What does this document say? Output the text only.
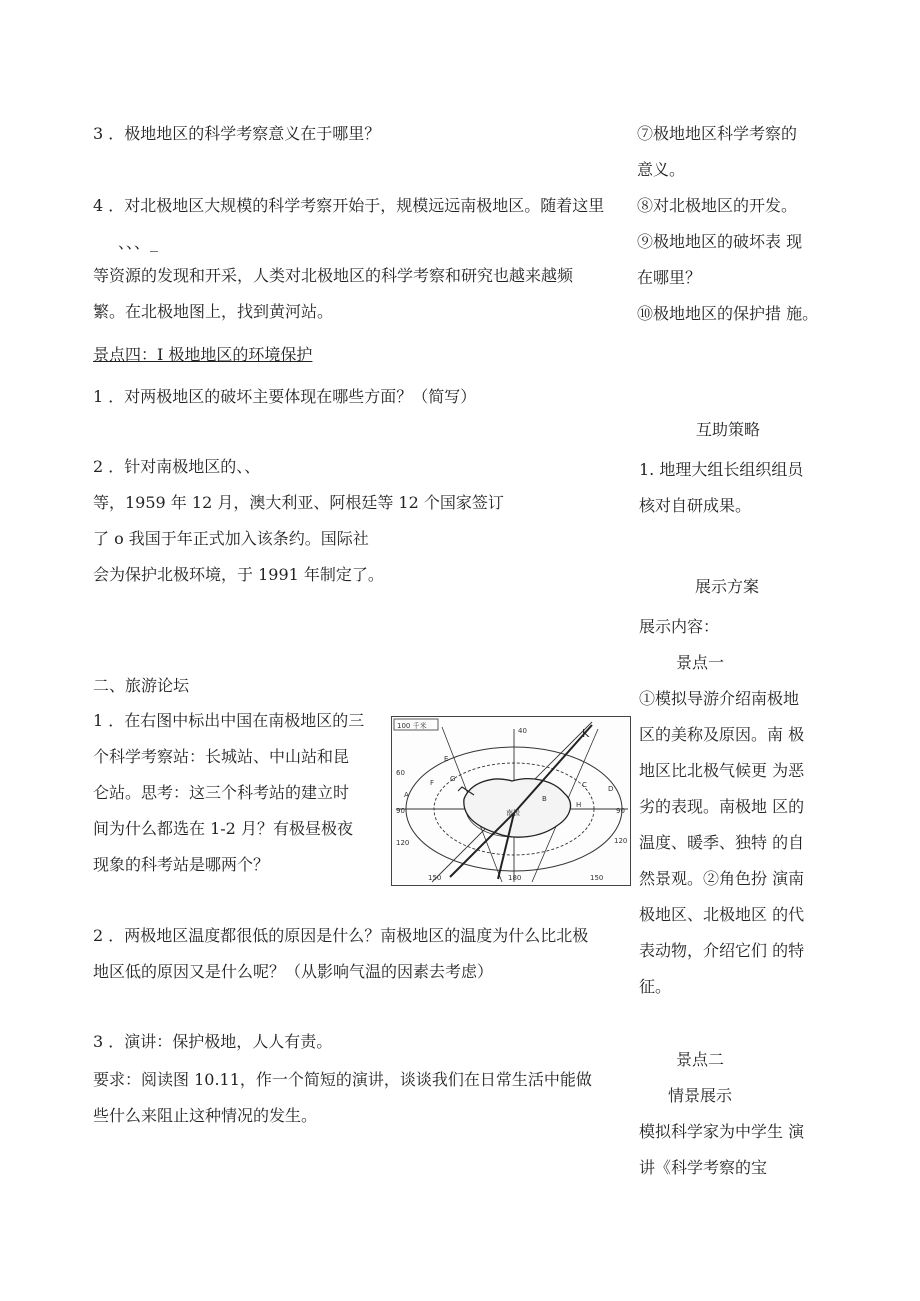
3 ．极地地区的科学考察意义在于哪里？
4 ．对北极地区大规模的科学考察开始于，规模远远南极地区。随着这里
、、、_
等资源的发现和开采，人类对北极地区的科学考察和研究也越来越频
繁。在北极地图上，找到黄河站。
景点四：I 极地地区的环境保护
1 ．对两极地区的破坏主要体现在哪些方面？（简写）
2 ．针对南极地区的、、
等，1959 年 12 月，澳大利亚、阿根廷等 12 个国家签订
了 o 我国于年正式加入该条约。国际社
会为保护北极环境，于 1991 年制定了。
二、旅游论坛
1 ．在右图中标出中国在南极地区的三
个科学考察站：长城站、中山站和昆
仑站。思考：这三个科考站的建立时
间为什么都选在 1-2 月？有极昼极夜
现象的科考站是哪两个？
2 ．两极地区温度都很低的原因是什么？南极地区的温度为什么比北极
地区低的原因又是什么呢？（从影响气温的因素去考虑）
3 ．演讲：保护极地，人人有责。
要求：阅读图 10.11，作一个简短的演讲，谈谈我们在日常生活中能做
些什么来阻止这种情况的发生。
100 千米
40
60
90
120
150	180
90
120
150
南极
A	B
C	D
E
F G
H
K
⑦极地地区科学考察的
意义。
⑧对北极地区的开发。
⑨极地地区的破坏表 现
在哪里？
⑩极地地区的保护措 施。
互助策略
1. 地理大组长组织组员
核对自研成果。
展示方案
展示内容：
景点一
①模拟导游介绍南极地
区的美称及原因。南 极
地区比北极气候更 为恶
劣的表现。南极地 区的
温度、暖季、独特 的自
然景观。②角色扮 演南
极地区、北极地区 的代
表动物，介绍它们 的特
征。
景点二
情景展示
模拟科学家为中学生 演
讲《科学考察的宝
